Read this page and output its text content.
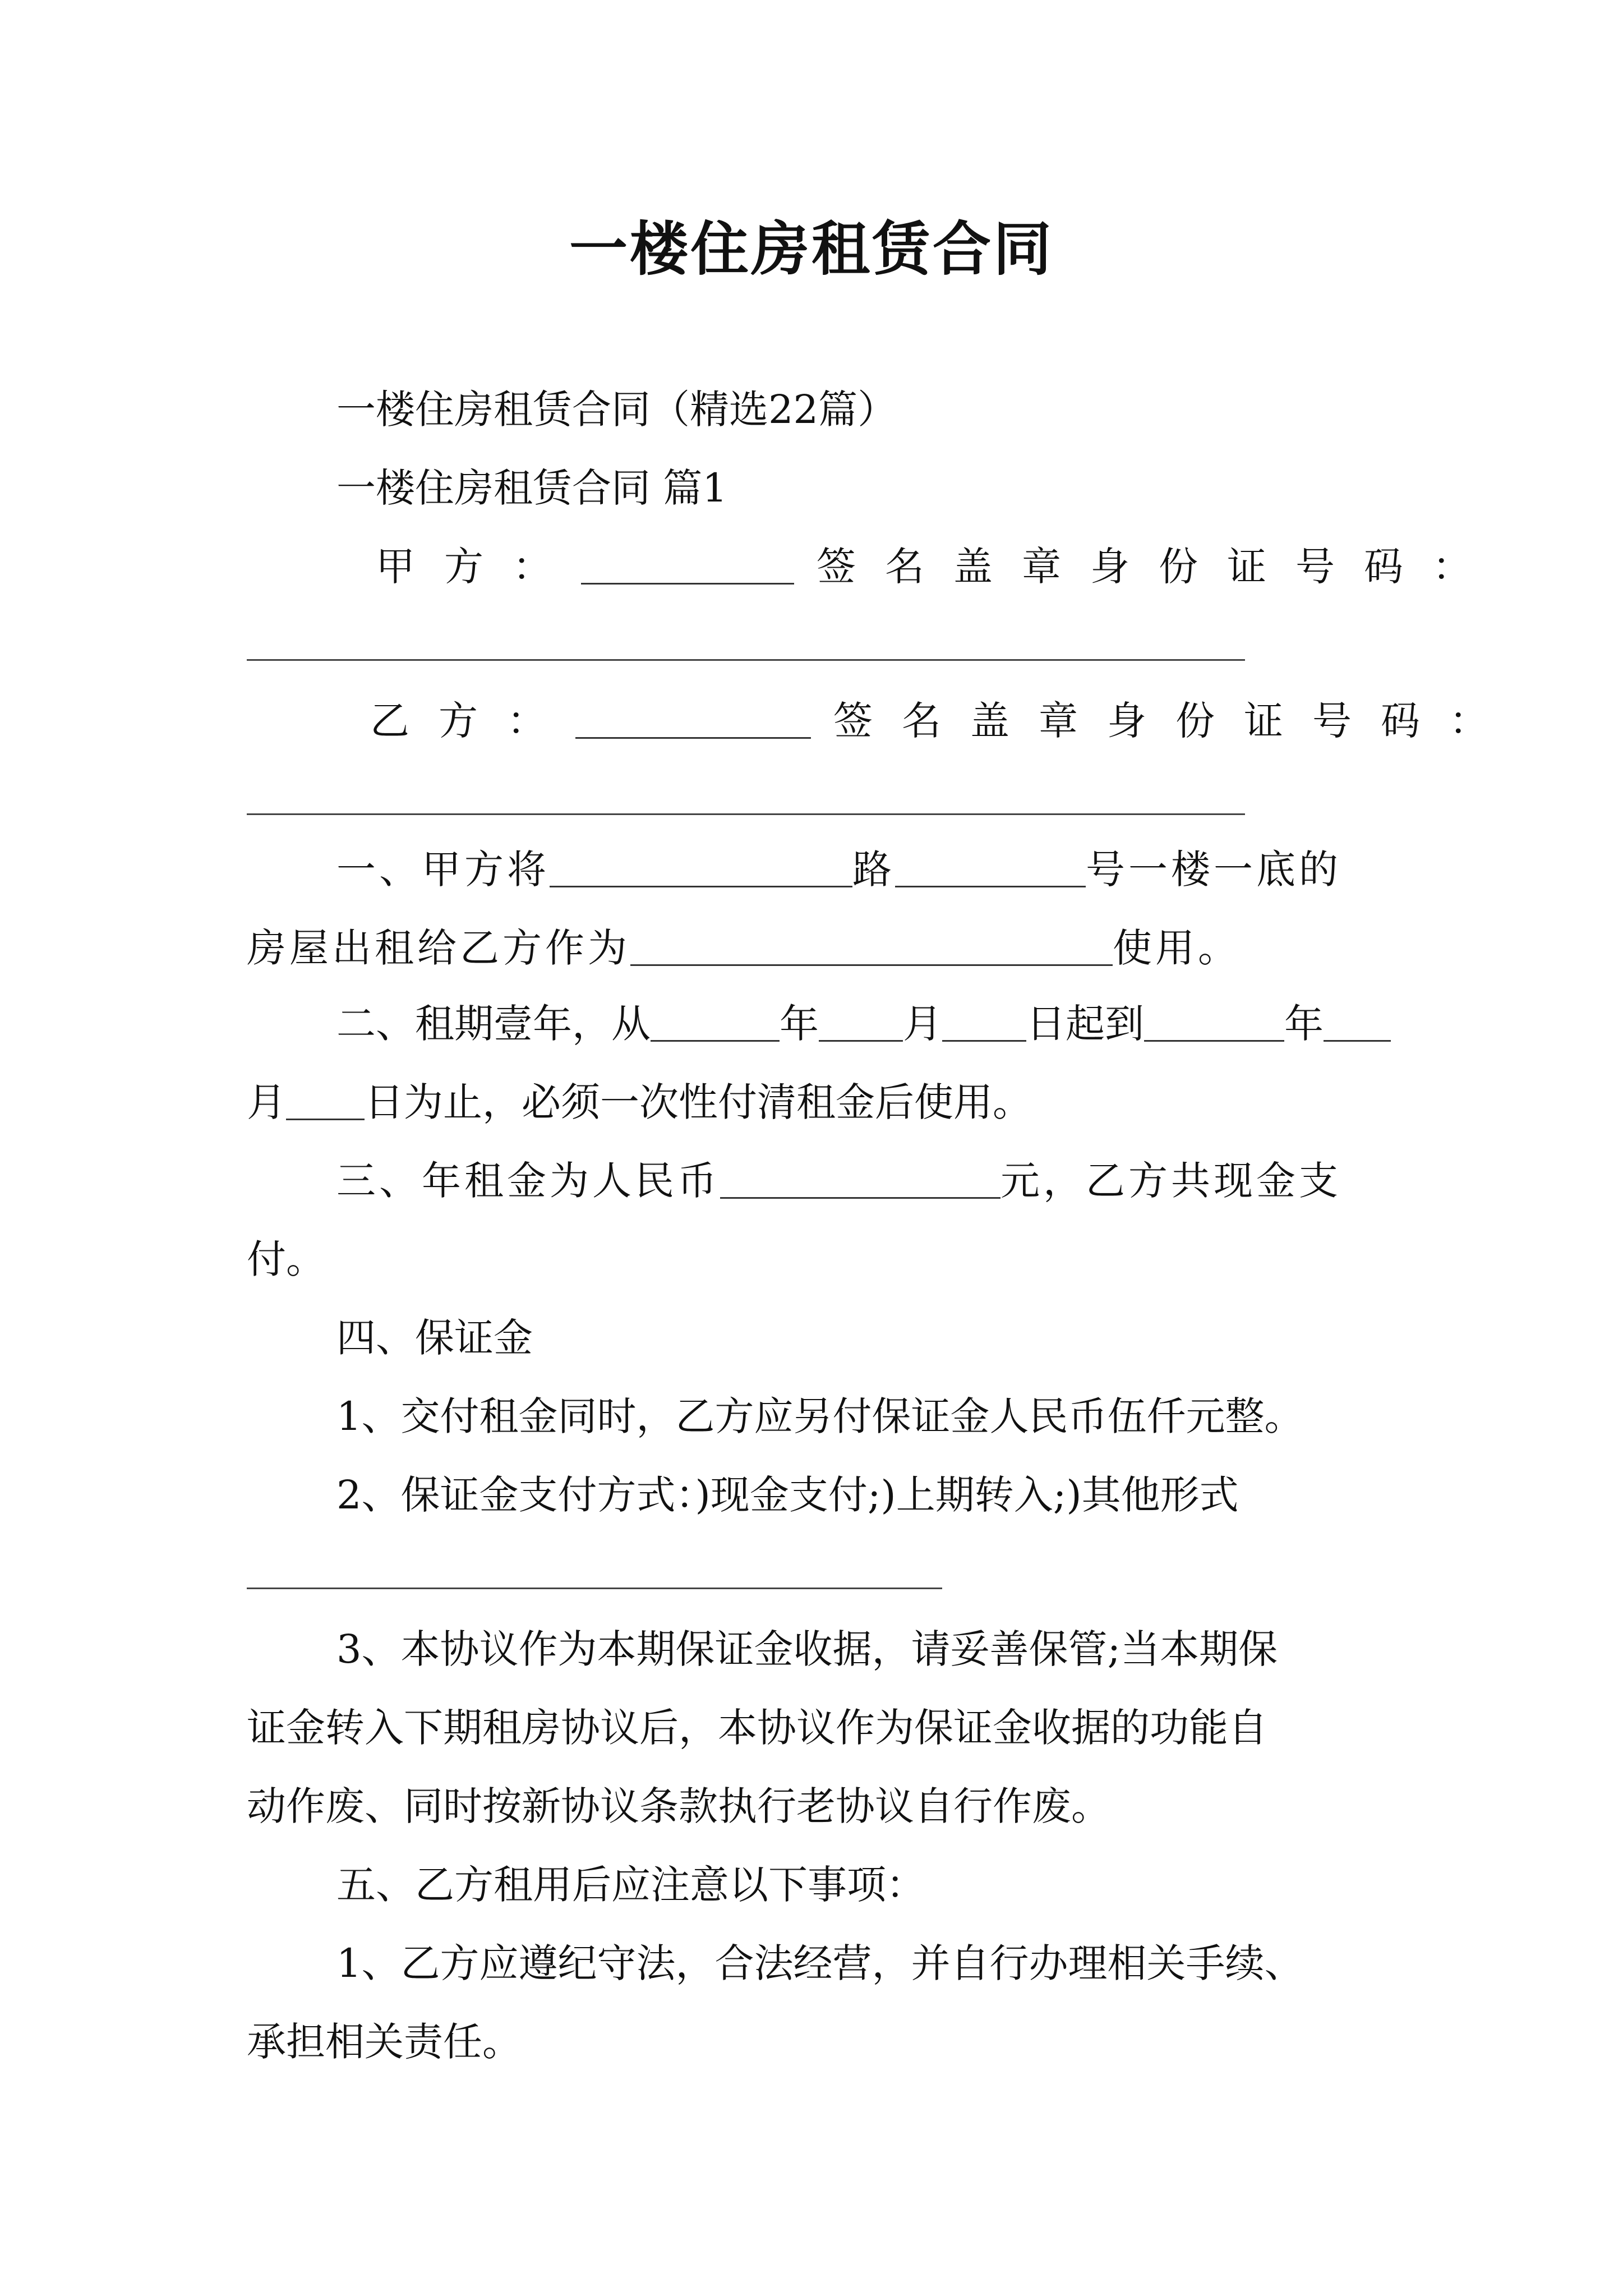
一楼住房租赁合同
一楼住房租赁合同（精选22篇）
一楼住房租赁合同 篇1
甲方：	签名盖章身份证号码：
乙方：	签名盖章身份证号码：
一、甲方将	路	号一楼一底的
房屋出租给乙方作为	使用。
二、租期壹年，从	年 月 日起到	年
月 日为止，必须一次性付清租金后使用。
三、年租金为人民币	元，乙方共现金支
付。
四、保证金
1、交付租金同时，乙方应另付保证金人民币伍仟元整。
2、保证金支付方式：)现金支付;)上期转入;)其他形式
3、本协议作为本期保证金收据，请妥善保管;当本期保
证金转入下期租房协议后，本协议作为保证金收据的功能自
动作废、同时按新协议条款执行老协议自行作废。
五、乙方租用后应注意以下事项：
1、乙方应遵纪守法，合法经营，并自行办理相关手续、
承担相关责任。
